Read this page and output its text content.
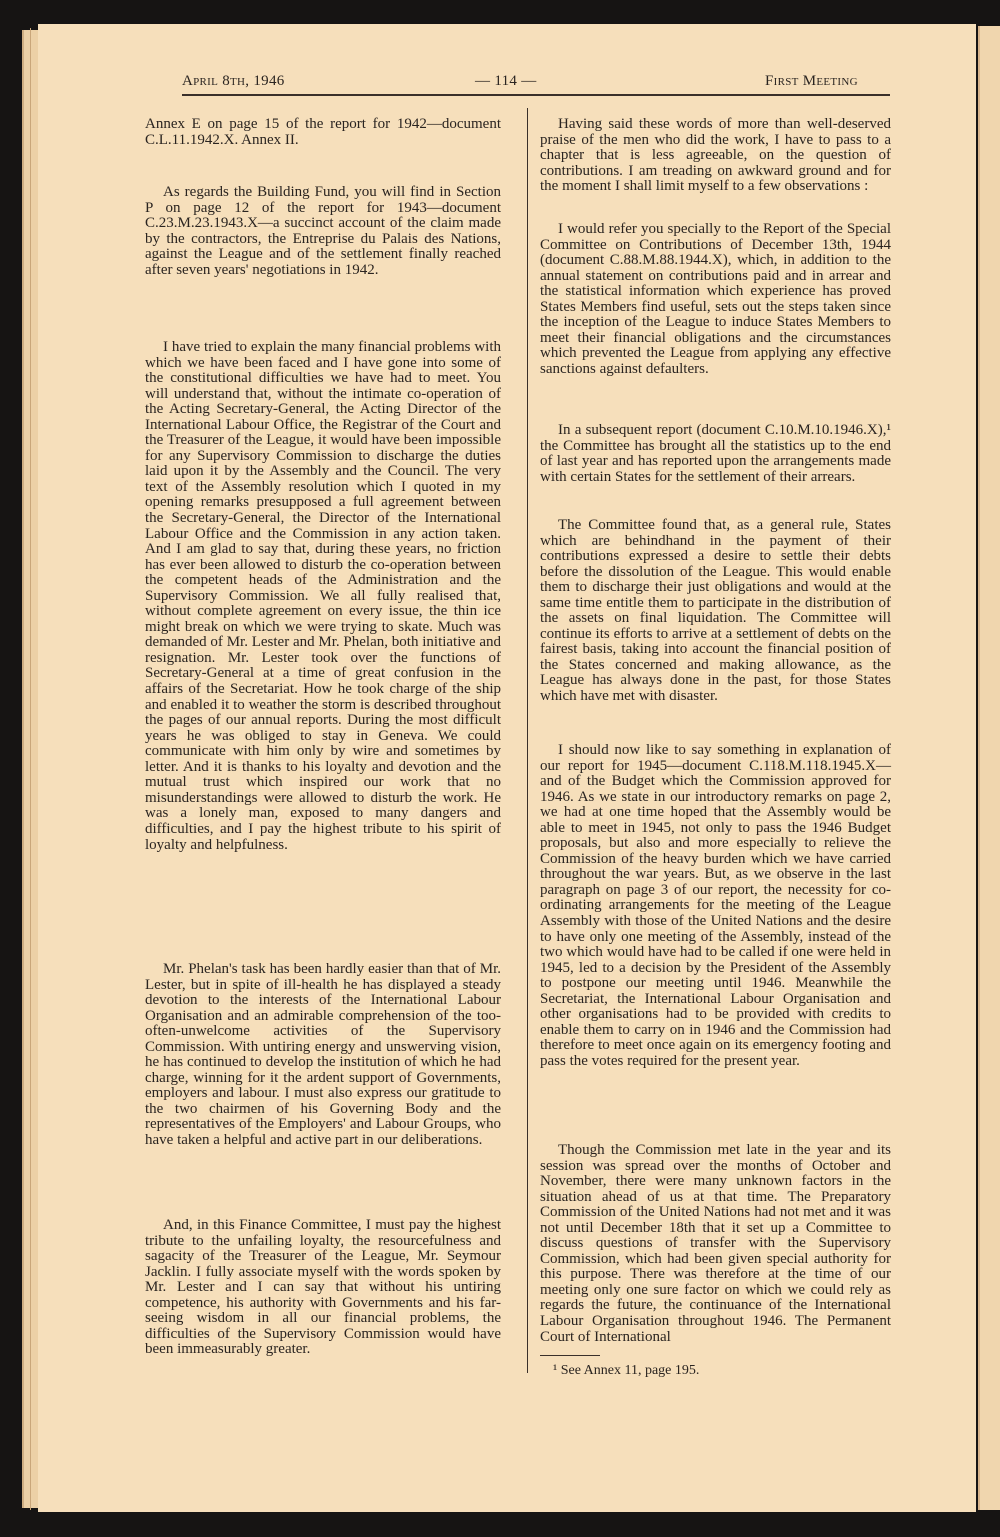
April 8th, 1946	— 114 —	First Meeting

Annex E on page 15 of the report for 1942—document C.L.11.1942.X. Annex II.

As regards the Building Fund, you will find in Section P on page 12 of the report for 1943—document C.23.M.23.1943.X—a succinct account of the claim made by the contractors, the Entreprise du Palais des Nations, against the League and of the settlement finally reached after seven years' negotiations in 1942.

I have tried to explain the many financial problems with which we have been faced and I have gone into some of the constitutional difficulties we have had to meet. You will understand that, without the intimate co-operation of the Acting Secretary-General, the Acting Director of the International Labour Office, the Registrar of the Court and the Treasurer of the League, it would have been impossible for any Supervisory Commission to discharge the duties laid upon it by the Assembly and the Council. The very text of the Assembly resolution which I quoted in my opening remarks presupposed a full agreement between the Secretary-General, the Director of the International Labour Office and the Commission in any action taken. And I am glad to say that, during these years, no friction has ever been allowed to disturb the co-operation between the competent heads of the Administration and the Supervisory Commission. We all fully realised that, without complete agreement on every issue, the thin ice might break on which we were trying to skate. Much was demanded of Mr. Lester and Mr. Phelan, both initiative and resignation. Mr. Lester took over the functions of Secretary-General at a time of great confusion in the affairs of the Secretariat. How he took charge of the ship and enabled it to weather the storm is described throughout the pages of our annual reports. During the most difficult years he was obliged to stay in Geneva. We could communicate with him only by wire and sometimes by letter. And it is thanks to his loyalty and devotion and the mutual trust which inspired our work that no misunderstandings were allowed to disturb the work. He was a lonely man, exposed to many dangers and difficulties, and I pay the highest tribute to his spirit of loyalty and helpfulness.

Mr. Phelan's task has been hardly easier than that of Mr. Lester, but in spite of ill-health he has displayed a steady devotion to the interests of the International Labour Organisation and an admirable comprehension of the too-often-unwelcome activities of the Supervisory Commission. With untiring energy and unswerving vision, he has continued to develop the institution of which he had charge, winning for it the ardent support of Governments, employers and labour. I must also express our gratitude to the two chairmen of his Governing Body and the representatives of the Employers' and Labour Groups, who have taken a helpful and active part in our deliberations.

And, in this Finance Committee, I must pay the highest tribute to the unfailing loyalty, the resourcefulness and sagacity of the Treasurer of the League, Mr. Seymour Jacklin. I fully associate myself with the words spoken by Mr. Lester and I can say that without his untiring competence, his authority with Governments and his far-seeing wisdom in all our financial problems, the difficulties of the Supervisory Commission would have been immeasurably greater.

Having said these words of more than well-deserved praise of the men who did the work, I have to pass to a chapter that is less agreeable, on the question of contributions. I am treading on awkward ground and for the moment I shall limit myself to a few observations :

I would refer you specially to the Report of the Special Committee on Contributions of December 13th, 1944 (document C.88.M.88.1944.X), which, in addition to the annual statement on contributions paid and in arrear and the statistical information which experience has proved States Members find useful, sets out the steps taken since the inception of the League to induce States Members to meet their financial obligations and the circumstances which prevented the League from applying any effective sanctions against defaulters.

In a subsequent report (document C.10.M.10.1946.X),¹ the Committee has brought all the statistics up to the end of last year and has reported upon the arrangements made with certain States for the settlement of their arrears.

The Committee found that, as a general rule, States which are behindhand in the payment of their contributions expressed a desire to settle their debts before the dissolution of the League. This would enable them to discharge their just obligations and would at the same time entitle them to participate in the distribution of the assets on final liquidation. The Committee will continue its efforts to arrive at a settlement of debts on the fairest basis, taking into account the financial position of the States concerned and making allowance, as the League has always done in the past, for those States which have met with disaster.

I should now like to say something in explanation of our report for 1945—document C.118.M.118.1945.X—and of the Budget which the Commission approved for 1946. As we state in our introductory remarks on page 2, we had at one time hoped that the Assembly would be able to meet in 1945, not only to pass the 1946 Budget proposals, but also and more especially to relieve the Commission of the heavy burden which we have carried throughout the war years. But, as we observe in the last paragraph on page 3 of our report, the necessity for co-ordinating arrangements for the meeting of the League Assembly with those of the United Nations and the desire to have only one meeting of the Assembly, instead of the two which would have had to be called if one were held in 1945, led to a decision by the President of the Assembly to postpone our meeting until 1946. Meanwhile the Secretariat, the International Labour Organisation and other organisations had to be provided with credits to enable them to carry on in 1946 and the Commission had therefore to meet once again on its emergency footing and pass the votes required for the present year.

Though the Commission met late in the year and its session was spread over the months of October and November, there were many unknown factors in the situation ahead of us at that time. The Preparatory Commission of the United Nations had not met and it was not until December 18th that it set up a Committee to discuss questions of transfer with the Supervisory Commission, which had been given special authority for this purpose. There was therefore at the time of our meeting only one sure factor on which we could rely as regards the future, the continuance of the International Labour Organisation throughout 1946. The Permanent Court of International

¹ See Annex 11, page 195.
